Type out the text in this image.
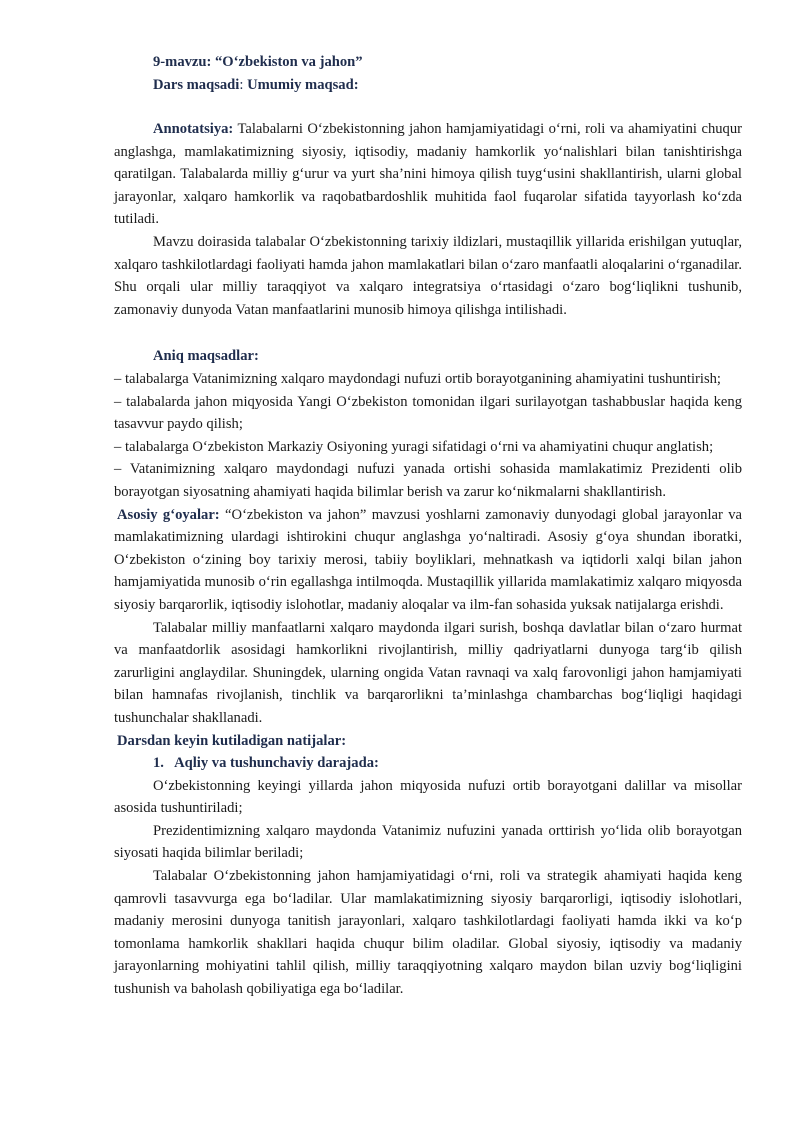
9-mavzu: “O‘zbekiston va jahon”
Dars maqsadi: Umumiy maqsad:

Annotatsiya: Talabalarni O‘zbekistonning jahon hamjamiyatidagi o‘rni, roli va ahamiyatini chuqur anglashga, mamlakatimizning siyosiy, iqtisodiy, madaniy hamkorlik yo‘nalishlari bilan tanishtirishga qaratilgan. Talabalarda milliy g‘urur va yurt sha’nini himoya qilish tuyg‘usini shakllantirish, ularni global jarayonlar, xalqaro hamkorlik va raqobatbardoshlik muhitida faol fuqarolar sifatida tayyorlash ko‘zda tutiladi.

Mavzu doirasida talabalar O‘zbekistonning tarixiy ildizlari, mustaqillik yillarida erishilgan yutuqlar, xalqaro tashkilotlardagi faoliyati hamda jahon mamlakatlari bilan o‘zaro manfaatli aloqalarini o‘rganadilar. Shu orqali ular milliy taraqqiyot va xalqaro integratsiya o‘rtasidagi o‘zaro bog‘liqlikni tushunib, zamonaviy dunyoda Vatan manfaatlarini munosib himoya qilishga intilishadi.

Aniq maqsadlar:

– talabalarga Vatanimizning xalqaro maydondagi nufuzi ortib borayotganining ahamiyatini tushuntirish;

– talabalarda jahon miqyosida Yangi O‘zbekiston tomonidan ilgari surilayotgan tashabbuslar haqida keng tasavvur paydo qilish;

– talabalarga O‘zbekiston Markaziy Osiyoning yuragi sifatidagi o‘rni va ahamiyatini chuqur anglatish;

– Vatanimizning xalqaro maydondagi nufuzi yanada ortishi sohasida mamlakatimiz Prezidenti olib borayotgan siyosatning ahamiyati haqida bilimlar berish va zarur ko‘nikmalarni shakllantirish.

Asosiy g‘oyalar: “O‘zbekiston va jahon” mavzusi yoshlarni zamonaviy dunyodagi global jarayonlar va mamlakatimizning ulardagi ishtirokini chuqur anglashga yo‘naltiradi. Asosiy g‘oya shundan iboratki, O‘zbekiston o‘zining boy tarixiy merosi, tabiiy boyliklari, mehnatkash va iqtidorli xalqi bilan jahon hamjamiyatida munosib o‘rin egallashga intilmoqda. Mustaqillik yillarida mamlakatimiz xalqaro miqyosda siyosiy barqarorlik, iqtisodiy islohotlar, madaniy aloqalar va ilm-fan sohasida yuksak natijalarga erishdi.

Talabalar milliy manfaatlarni xalqaro maydonda ilgari surish, boshqa davlatlar bilan o‘zaro hurmat va manfaatdorlik asosidagi hamkorlikni rivojlantirish, milliy qadriyatlarni dunyoga targ‘ib qilish zarurligini anglaydilar. Shuningdek, ularning ongida Vatan ravnaqi va xalq farovonligi jahon hamjamiyati bilan hamnafas rivojlanish, tinchlik va barqarorlikni ta’minlashga chambarchas bog‘liqligi haqidagi tushunchalar shakllanadi.

Darsdan keyin kutiladigan natijalar:

1.   Aqliy va tushunchaviy darajada:

O‘zbekistonning keyingi yillarda jahon miqyosida nufuzi ortib borayotgani dalillar va misollar asosida tushuntiriladi;

Prezidentimizning xalqaro maydonda Vatanimiz nufuzini yanada orttirish yo‘lida olib borayotgan siyosati haqida bilimlar beriladi;

Talabalar O‘zbekistonning jahon hamjamiyatidagi o‘rni, roli va strategik ahamiyati haqida keng qamrovli tasavvurga ega bo‘ladilar. Ular mamlakatimizning siyosiy barqarorligi, iqtisodiy islohotlari, madaniy merosini dunyoga tanitish jarayonlari, xalqaro tashkilotlardagi faoliyati hamda ikki va ko‘p tomonlama hamkorlik shakllari haqida chuqur bilim oladilar. Global siyosiy, iqtisodiy va madaniy jarayonlarning mohiyatini tahlil qilish, milliy taraqqiyotning xalqaro maydon bilan uzviy bog‘liqligini tushunish va baholash qobiliyatiga ega bo‘ladilar.
